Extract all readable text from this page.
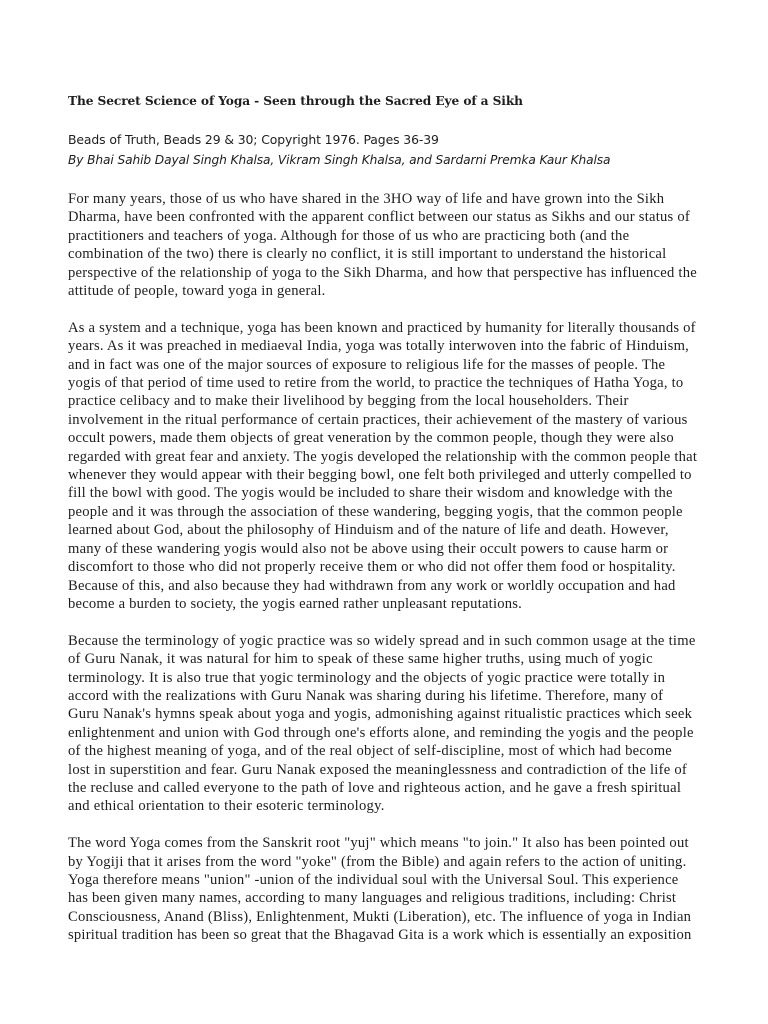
The Secret Science of Yoga - Seen through the Sacred Eye of a Sikh
Beads of Truth, Beads 29 & 30; Copyright 1976. Pages 36-39
By Bhai Sahib Dayal Singh Khalsa, Vikram Singh Khalsa, and Sardarni Premka Kaur Khalsa

For many years, those of us who have shared in the 3HO way of life and have grown into the Sikh Dharma, have been confronted with the apparent conflict between our status as Sikhs and our status of practitioners and teachers of yoga. Although for those of us who are practicing both (and the combination of the two) there is clearly no conflict, it is still important to understand the historical perspective of the relationship of yoga to the Sikh Dharma, and how that perspective has influenced the attitude of people, toward yoga in general.

As a system and a technique, yoga has been known and practiced by humanity for literally thousands of years. As it was preached in mediaeval India, yoga was totally interwoven into the fabric of Hinduism, and in fact was one of the major sources of exposure to religious life for the masses of people. The yogis of that period of time used to retire from the world, to practice the techniques of Hatha Yoga, to practice celibacy and to make their livelihood by begging from the local householders. Their involvement in the ritual performance of certain practices, their achievement of the mastery of various occult powers, made them objects of great veneration by the common people, though they were also regarded with great fear and anxiety. The yogis developed the relationship with the common people that whenever they would appear with their begging bowl, one felt both privileged and utterly compelled to fill the bowl with good. The yogis would be included to share their wisdom and knowledge with the people and it was through the association of these wandering, begging yogis, that the common people learned about God, about the philosophy of Hinduism and of the nature of life and death. However, many of these wandering yogis would also not be above using their occult powers to cause harm or discomfort to those who did not properly receive them or who did not offer them food or hospitality. Because of this, and also because they had withdrawn from any work or worldly occupation and had become a burden to society, the yogis earned rather unpleasant reputations.

Because the terminology of yogic practice was so widely spread and in such common usage at the time of Guru Nanak, it was natural for him to speak of these same higher truths, using much of yogic terminology. It is also true that yogic terminology and the objects of yogic practice were totally in accord with the realizations with Guru Nanak was sharing during his lifetime. Therefore, many of Guru Nanak's hymns speak about yoga and yogis, admonishing against ritualistic practices which seek enlightenment and union with God through one's efforts alone, and reminding the yogis and the people of the highest meaning of yoga, and of the real object of self-discipline, most of which had become lost in superstition and fear. Guru Nanak exposed the meaninglessness and contradiction of the life of the recluse and called everyone to the path of love and righteous action, and he gave a fresh spiritual and ethical orientation to their esoteric terminology.

The word Yoga comes from the Sanskrit root "yuj" which means "to join." It also has been pointed out by Yogiji that it arises from the word "yoke" (from the Bible) and again refers to the action of uniting. Yoga therefore means "union" -union of the individual soul with the Universal Soul. This experience has been given many names, according to many languages and religious traditions, including: Christ Consciousness, Anand (Bliss), Enlightenment, Mukti (Liberation), etc. The influence of yoga in Indian spiritual tradition has been so great that the Bhagavad Gita is a work which is essentially an exposition
